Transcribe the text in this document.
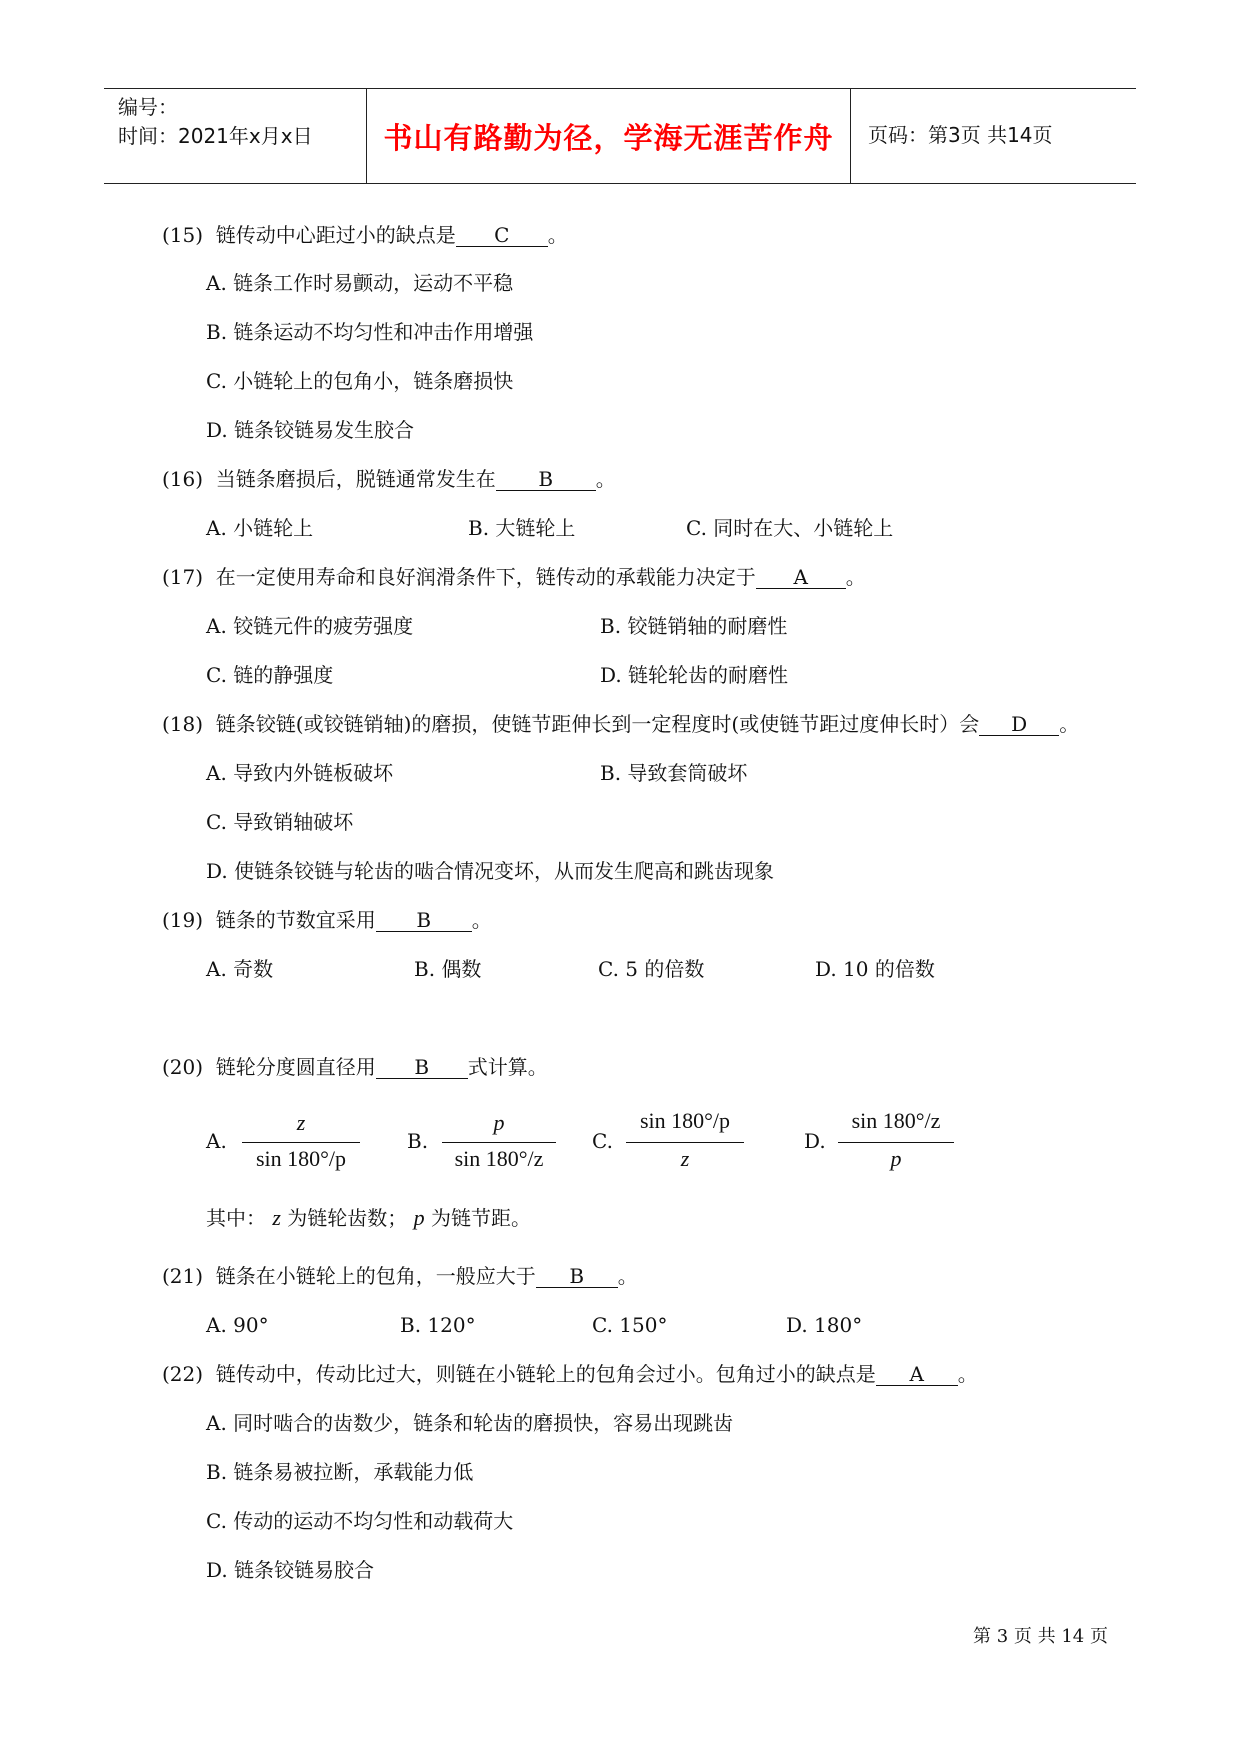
编号：
时间：2021年x月x日 书山有路勤为径，学海无涯苦作舟 页码：第3页 共14页
(15) 链传动中心距过小的缺点是 C 。
A. 链条工作时易颤动，运动不平稳
B. 链条运动不均匀性和冲击作用增强
C. 小链轮上的包角小，链条磨损快
D. 链条铰链易发生胶合
(16) 当链条磨损后，脱链通常发生在 B 。
A. 小链轮上	B. 大链轮上	C. 同时在大、小链轮上
(17) 在一定使用寿命和良好润滑条件下，链传动的承载能力决定于 A 。
A. 铰链元件的疲劳强度	B. 铰链销轴的耐磨性
C. 链的静强度	D. 链轮轮齿的耐磨性
(18) 链条铰链(或铰链销轴)的磨损，使链节距伸长到一定程度时(或使链节距过度伸长时）会 D 。
A. 导致内外链板破坏	B. 导致套筒破坏
C. 导致销轴破坏
D. 使链条铰链与轮齿的啮合情况变坏，从而发生爬高和跳齿现象
(19) 链条的节数宜采用 B 。
A. 奇数	B. 偶数	C. 5 的倍数	D. 10 的倍数
(20) 链轮分度圆直径用 B 式计算。
A.
z
sin 180°/p
B.
p
sin 180°/z
C.
sin 180°/p
z
D.
sin 180°/z
p
其中： z 为链轮齿数； p 为链节距。
(21) 链条在小链轮上的包角，一般应大于 B 。
A. 90°	B. 120°	C. 150°	D. 180°
(22) 链传动中，传动比过大，则链在小链轮上的包角会过小。包角过小的缺点是 A 。
A. 同时啮合的齿数少，链条和轮齿的磨损快，容易出现跳齿
B. 链条易被拉断，承载能力低
C. 传动的运动不均匀性和动载荷大
D. 链条铰链易胶合
第 3 页 共 14 页
